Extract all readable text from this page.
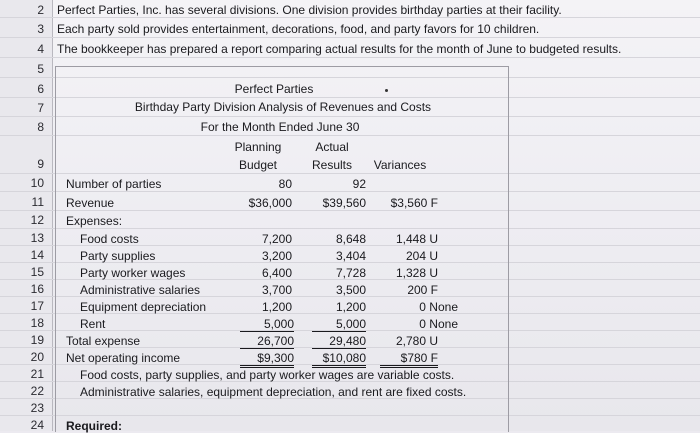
2
3
4
5
6
7
8
9
10
11
12
13
14
15
16
17
18
19
20
21
22
23
24
Perfect Parties, Inc. has several divisions. One division provides birthday parties at their facility.
Each party sold provides entertainment, decorations, food, and party favors for 10 children.
The bookkeeper has prepared a report comparing actual results for the month of June to budgeted results.
Perfect Parties
Birthday Party Division Analysis of Revenues and Costs
For the Month Ended June 30
Planning
Budget
Actual
Results	Variances
Number of parties	80	92
Revenue	$36,000	$39,560	$3,560 F
Expenses:
Food costs	7,200	8,648	1,448 U
Party supplies	3,200	3,404	204 U
Party worker wages	6,400	7,728	1,328 U
Administrative salaries	3,700	3,500	200 F
Equipment depreciation	1,200	1,200	0 None
Rent	5,000	5,000	0 None
Total expense	26,700	29,480	2,780 U
Net operating income	$9,300	$10,080	$780 F
Food costs, party supplies, and party worker wages are variable costs.
Administrative salaries, equipment depreciation, and rent are fixed costs.
Required:
